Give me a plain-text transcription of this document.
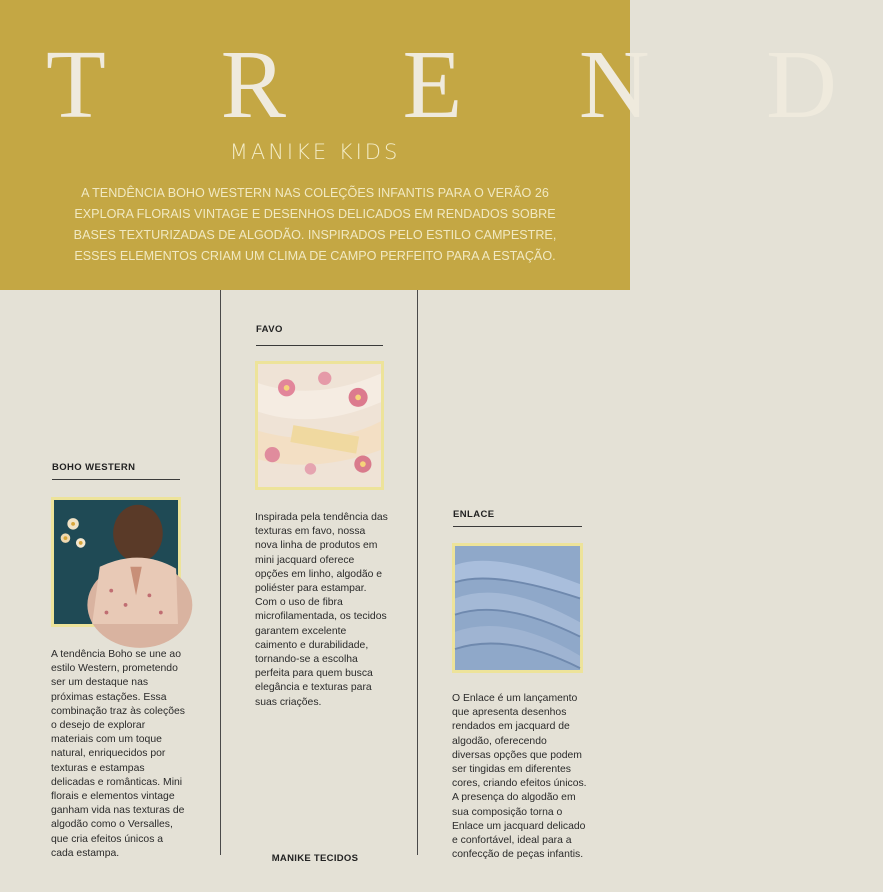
T R E N D
MANIKE KIDS
A TENDÊNCIA BOHO WESTERN NAS COLEÇÕES INFANTIS PARA O VERÃO 26 EXPLORA FLORAIS VINTAGE E DESENHOS DELICADOS EM RENDADOS SOBRE BASES TEXTURIZADAS DE ALGODÃO. INSPIRADOS PELO ESTILO CAMPESTRE, ESSES ELEMENTOS CRIAM UM CLIMA DE CAMPO PERFEITO PARA A ESTAÇÃO.
BOHO WESTERN
A tendência Boho se une ao estilo Western, prometendo ser um destaque nas próximas estações. Essa combinação traz às coleções o desejo de explorar materiais com um toque natural, enriquecidos por texturas e estampas delicadas e românticas. Mini florais e elementos vintage ganham vida nas texturas de algodão como o Versalles, que cria efeitos únicos a cada estampa.
FAVO
Inspirada pela tendência das texturas em favo, nossa nova linha de produtos em mini jacquard oferece opções em linho, algodão e poliéster para estampar. Com o uso de fibra microfilamentada, os tecidos garantem excelente caimento e durabilidade, tornando-se a escolha perfeita para quem busca elegância e texturas para suas criações.
ENLACE
O Enlace é um lançamento que apresenta desenhos rendados em jacquard de algodão, oferecendo diversas opções que podem ser tingidas em diferentes cores, criando efeitos únicos. A presença do algodão em sua composição torna o Enlace um jacquard delicado e confortável, ideal para a confecção de peças infantis.
MANIKE TECIDOS
